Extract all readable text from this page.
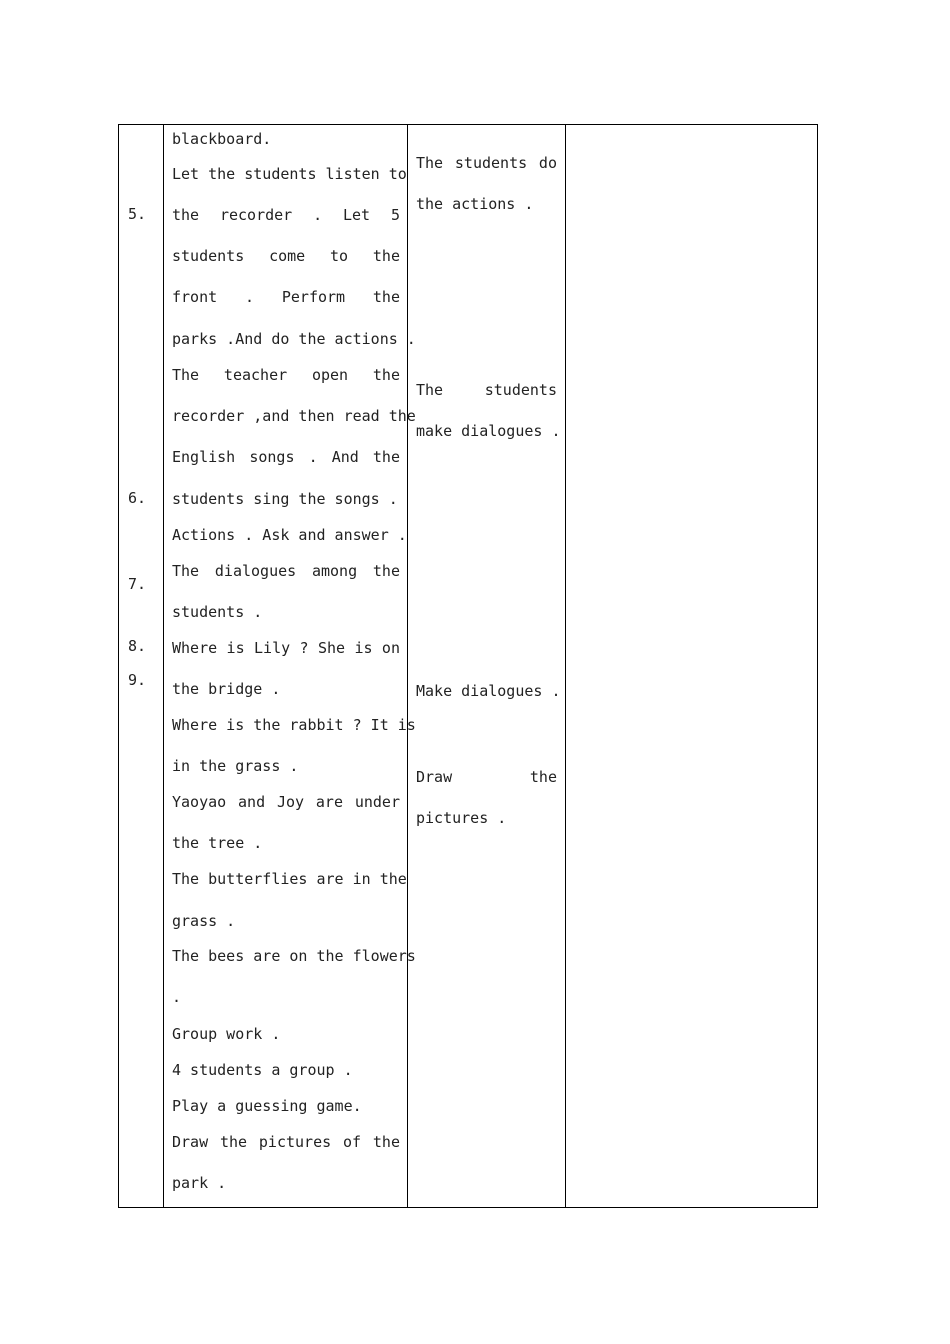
5.
6.
7.
8.
9.
blackboard.
Let the students listen to
the recorder . Let 5
students come to the
front . Perform the
parks .And do the actions .
The teacher open the
recorder ,and then read the
English songs . And the
students sing the songs .
Actions . Ask and answer .
The dialogues among the
students .
Where is Lily ? She is on
the bridge .
Where is the rabbit ? It is
in the grass .
Yaoyao and Joy are under
the tree .
The butterflies are in the
grass .
The bees are on the flowers
.
Group work .
4 students a group .
Play a guessing game.
Draw the pictures of the
park .
The students do
the actions .
The students
make dialogues .
Make dialogues .
Draw the
pictures .
